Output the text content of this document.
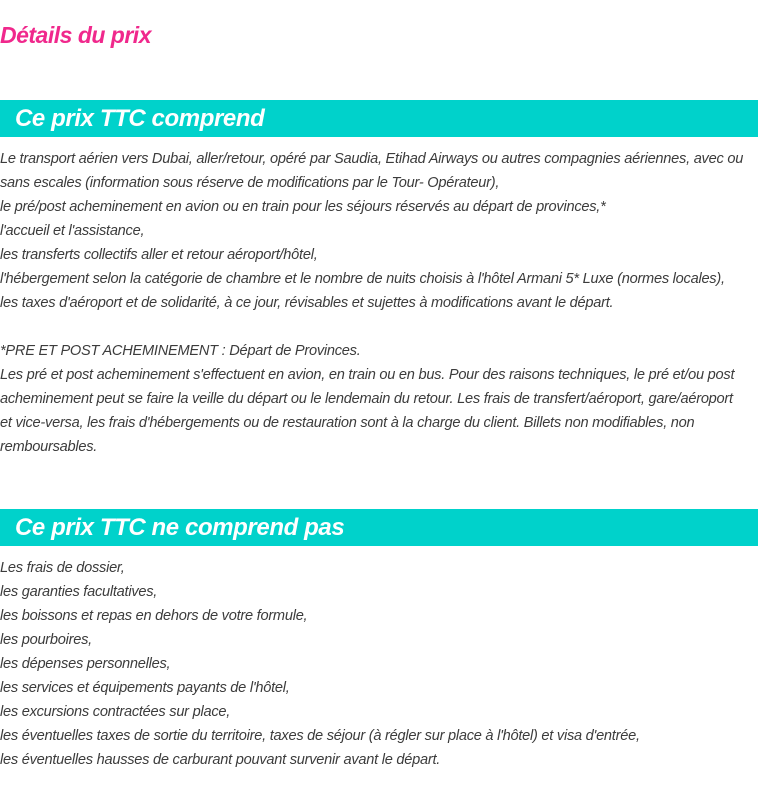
Détails du prix
Ce prix TTC comprend
Le transport aérien vers Dubai, aller/retour, opéré par Saudia, Etihad Airways ou autres compagnies aériennes, avec ou
sans escales (information sous réserve de modifications par le Tour- Opérateur),
le pré/post acheminement en avion ou en train pour les séjours réservés au départ de provinces,*
l'accueil et l'assistance,
les transferts collectifs aller et retour aéroport/hôtel,
l'hébergement selon la catégorie de chambre et le nombre de nuits choisis à l'hôtel Armani 5* Luxe (normes locales),
les taxes d'aéroport et de solidarité, à ce jour, révisables et sujettes à modifications avant le départ.
*PRE ET POST ACHEMINEMENT : Départ de Provinces.
Les pré et post acheminement s'effectuent en avion, en train ou en bus. Pour des raisons techniques, le pré et/ou post
acheminement peut se faire la veille du départ ou le lendemain du retour. Les frais de transfert/aéroport, gare/aéroport
et vice-versa, les frais d'hébergements ou de restauration sont à la charge du client. Billets non modifiables, non
remboursables.
Ce prix TTC ne comprend pas
Les frais de dossier,
les garanties facultatives,
les boissons et repas en dehors de votre formule,
les pourboires,
les dépenses personnelles,
les services et équipements payants de l'hôtel,
les excursions contractées sur place,
les éventuelles taxes de sortie du territoire, taxes de séjour (à régler sur place à l'hôtel) et visa d'entrée,
les éventuelles hausses de carburant pouvant survenir avant le départ.
